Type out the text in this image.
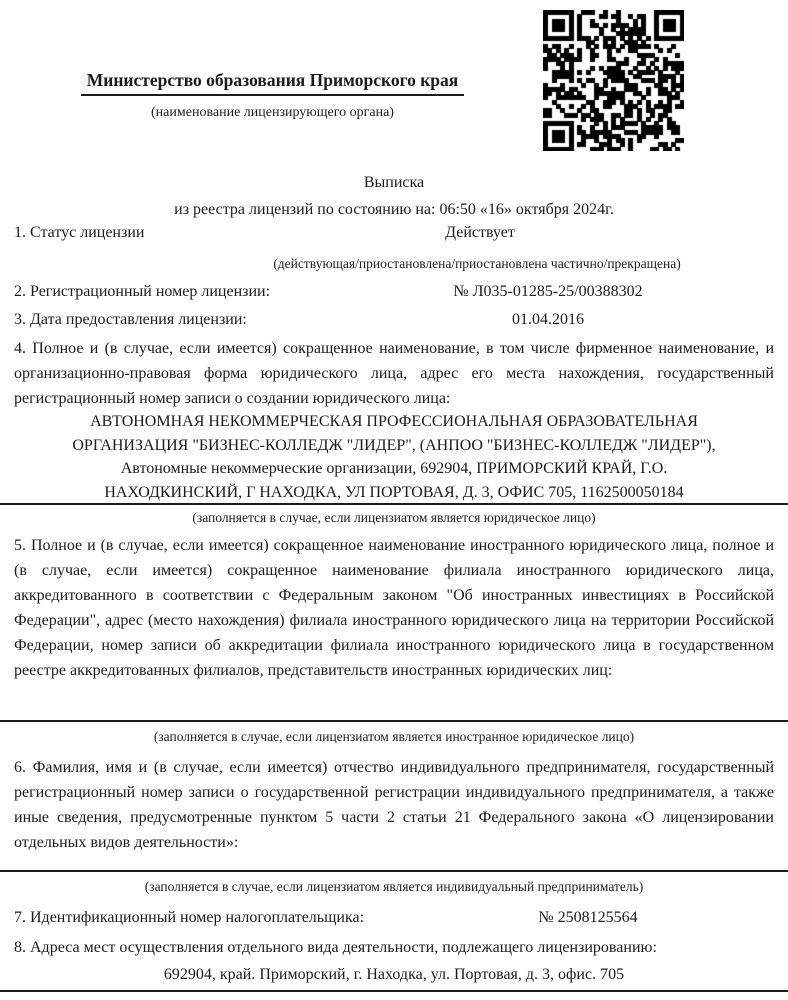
Министерство образования Приморского края
(наименование лицензирующего органа)
Выписка
из реестра лицензий по состоянию на: 06:50 «16» октября 2024г.
1. Статус лицензии	Действует
(действующая/приостановлена/приостановлена частично/прекращена)
2. Регистрационный номер лицензии:	№ Л035-01285-25/00388302
3. Дата предоставления лицензии:	01.04.2016
4. Полное и (в случае, если имеется) сокращенное наименование, в том числе фирменное наименование, и организационно-правовая форма юридического лица, адрес его места нахождения, государственный регистрационный номер записи о создании юридического лица:
АВТОНОМНАЯ НЕКОММЕРЧЕСКАЯ ПРОФЕССИОНАЛЬНАЯ ОБРАЗОВАТЕЛЬНАЯ
ОРГАНИЗАЦИЯ "БИЗНЕС-КОЛЛЕДЖ "ЛИДЕР", (АНПОО "БИЗНЕС-КОЛЛЕДЖ "ЛИДЕР"),
Автономные некоммерческие организации, 692904, ПРИМОРСКИЙ КРАЙ, Г.О.
НАХОДКИНСКИЙ, Г НАХОДКА, УЛ ПОРТОВАЯ, Д. 3, ОФИС 705, 1162500050184
(заполняется в случае, если лицензиатом является юридическое лицо)
5. Полное и (в случае, если имеется) сокращенное наименование иностранного юридического лица, полное и (в случае, если имеется) сокращенное наименование филиала иностранного юридического лица, аккредитованного в соответствии с Федеральным законом "Об иностранных инвестициях в Российской Федерации", адрес (место нахождения) филиала иностранного юридического лица на территории Российской Федерации, номер записи об аккредитации филиала иностранного юридического лица в государственном реестре аккредитованных филиалов, представительств иностранных юридических лиц:
(заполняется в случае, если лицензиатом является иностранное юридическое лицо)
6. Фамилия, имя и (в случае, если имеется) отчество индивидуального предпринимателя, государственный регистрационный номер записи о государственной регистрации индивидуального предпринимателя, а также иные сведения, предусмотренные пунктом 5 части 2 статьи 21 Федерального закона «О лицензировании отдельных видов деятельности»:
(заполняется в случае, если лицензиатом является индивидуальный предприниматель)
7. Идентификационный номер налогоплательщика:	№ 2508125564
8. Адреса мест осуществления отдельного вида деятельности, подлежащего лицензированию:
692904, край. Приморский, г. Находка, ул. Портовая, д. 3, офис. 705
